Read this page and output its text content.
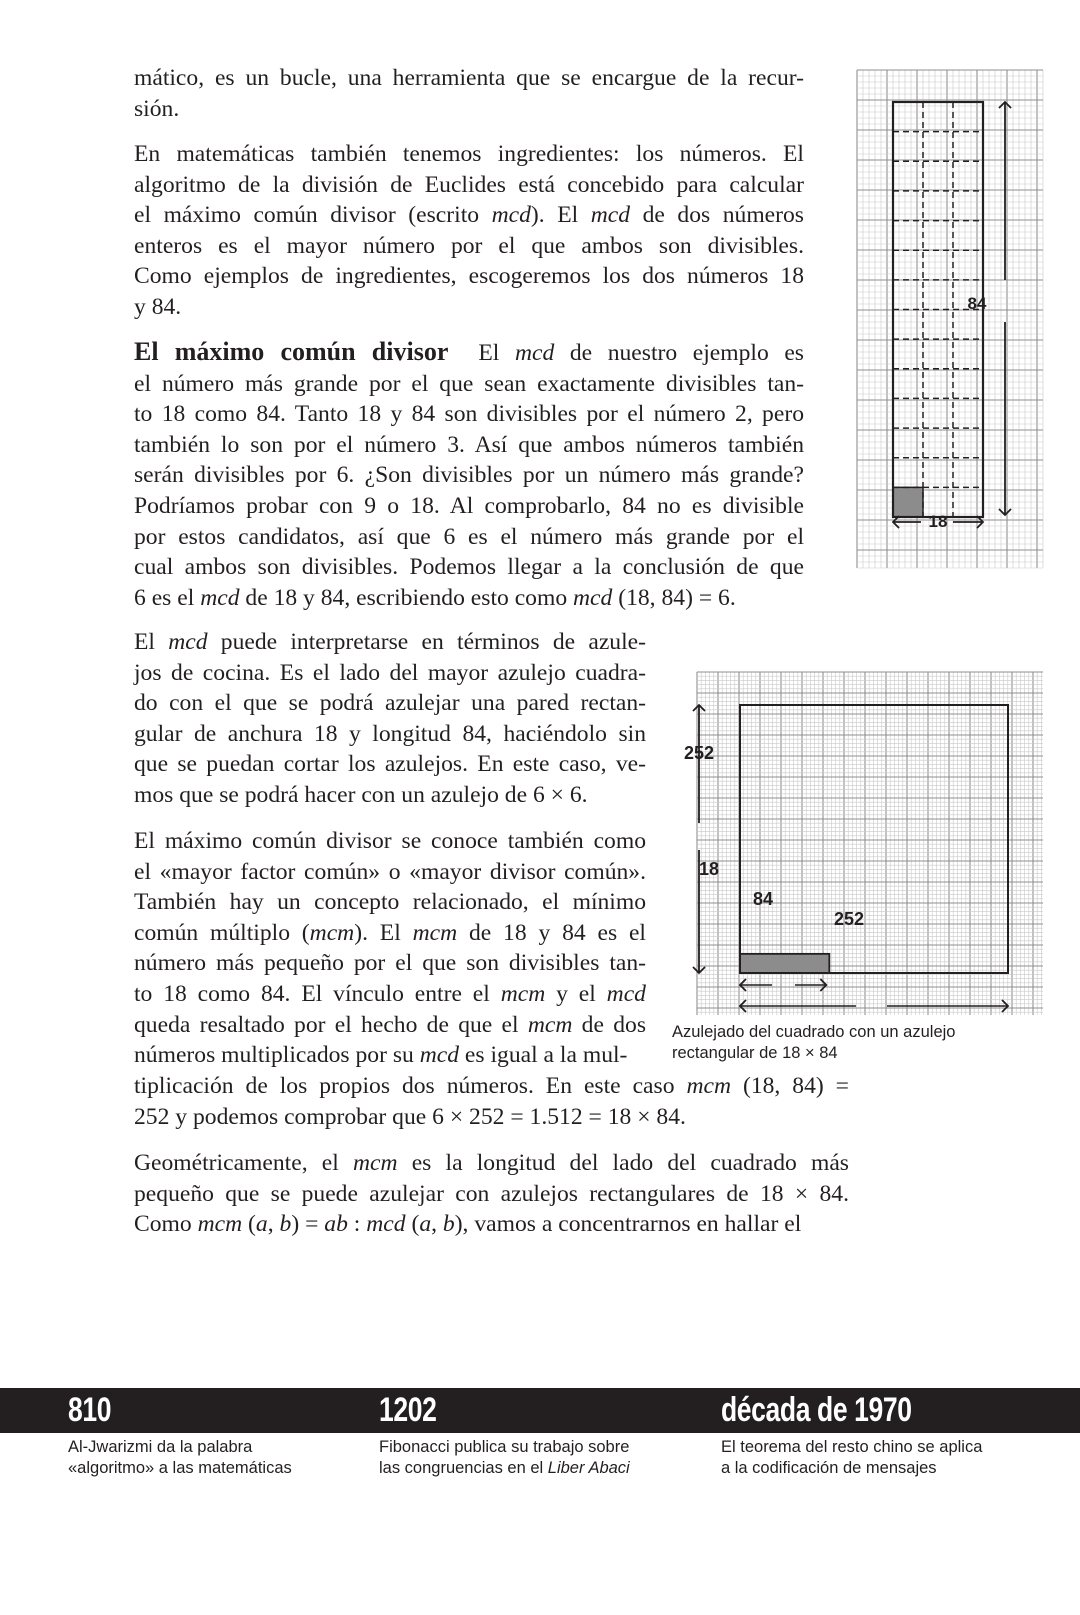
mático, es un bucle, una herramienta que se encargue de la recur-
sión.
En matemáticas también tenemos ingredientes: los números. El
algoritmo de la división de Euclides está concebido para calcular
el máximo común divisor (escrito mcd). El mcd de dos números
enteros es el mayor número por el que ambos son divisibles.
Como ejemplos de ingredientes, escogeremos los dos números 18
y 84.
El máximo común divisor El mcd de nuestro ejemplo es
el número más grande por el que sean exactamente divisibles tan-
to 18 como 84. Tanto 18 y 84 son divisibles por el número 2, pero
también lo son por el número 3. Así que ambos números también
serán divisibles por 6. ¿Son divisibles por un número más grande?
Podríamos probar con 9 o 18. Al comprobarlo, 84 no es divisible
por estos candidatos, así que 6 es el número más grande por el
cual ambos son divisibles. Podemos llegar a la conclusión de que
6 es el mcd de 18 y 84, escribiendo esto como mcd (18, 84) = 6.
El mcd puede interpretarse en términos de azule-
jos de cocina. Es el lado del mayor azulejo cuadra-
do con el que se podrá azulejar una pared rectan-
gular de anchura 18 y longitud 84, haciéndolo sin
que se puedan cortar los azulejos. En este caso, ve-
mos que se podrá hacer con un azulejo de 6 × 6.
El máximo común divisor se conoce también como
el «mayor factor común» o «mayor divisor común».
También hay un concepto relacionado, el mínimo
común múltiplo (mcm). El mcm de 18 y 84 es el
número más pequeño por el que son divisibles tan-
to 18 como 84. El vínculo entre el mcm y el mcd
queda resaltado por el hecho de que el mcm de dos
números multiplicados por su mcd es igual a la mul-
tiplicación de los propios dos números. En este caso mcm (18, 84) =
252 y podemos comprobar que 6 × 252 = 1.512 = 18 × 84.
Geométricamente, el mcm es la longitud del lado del cuadrado más
pequeño que se puede azulejar con azulejos rectangulares de 18 × 84.
Como mcm (a, b) = ab : mcd (a, b), vamos a concentrarnos en hallar el
84
18
252
18
84
252
Azulejado del cuadrado con un azulejo
rectangular de 18 × 84
810	1202	década de 1970
Al-Jwarizmi da la palabra
«algoritmo» a las matemáticas
Fibonacci publica su trabajo sobre
las congruencias en el Liber Abaci
El teorema del resto chino se aplica
a la codificación de mensajes
